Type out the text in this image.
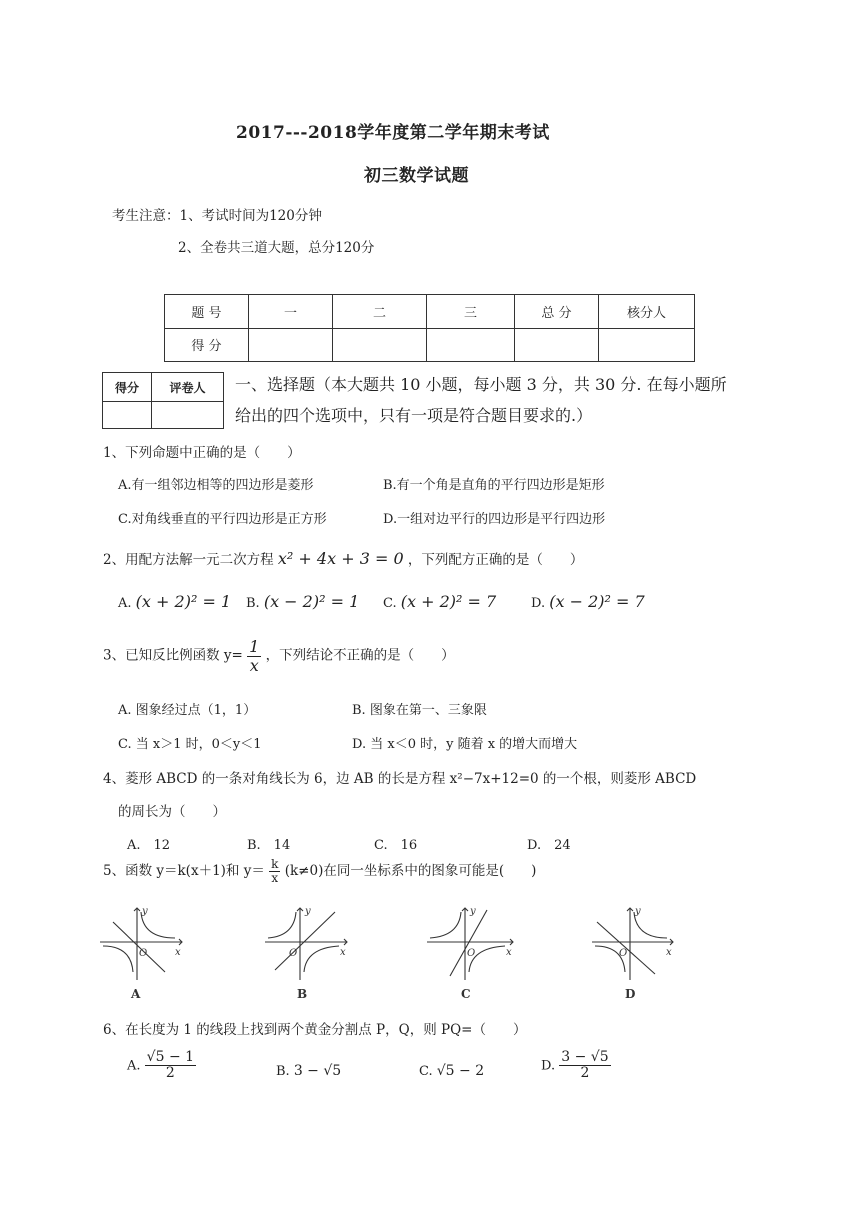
2017---2018学年度第二学年期末考试
初三数学试题
考生注意：1、考试时间为120分钟
2、全卷共三道大题，总分120分
题 号	一	二	三	总 分	核分人
得 分					
得分	评卷人
	一、选择题（本大题共 10 小题，每小题 3 分，共 30 分. 在每小题所
给出的四个选项中，只有一项是符合题目要求的.）
1、下列命题中正确的是（　　）
A.有一组邻边相等的四边形是菱形	B.有一个角是直角的平行四边形是矩形
C.对角线垂直的平行四边形是正方形	D.一组对边平行的四边形是平行四边形
2、用配方法解一元二次方程 x² + 4x + 3 = 0 ，下列配方正确的是（　　）
A. (x + 2)² = 1 B. (x − 2)² = 1 C. (x + 2)² = 7	D. (x − 2)² = 7
3、已知反比例函数 $y= \frac{1}{x}$ ，下列结论不正确的是（　　）
A. 图象经过点（1，1）	B. 图象在第一、三象限
C. 当 x＞1 时，0＜y＜1	D. 当 x＜0 时，y 随着 x 的增大而增大
4、菱形 ABCD 的一条对角线长为 6，边 AB 的长是方程 x²−7x+12=0 的一个根，则菱形 ABCD
的周长为（　　）
A.　12	B.　14	C.　16	D.　24
5、函数 y＝k(x＋1)和 $y= \frac{k}{x} (k\ne 0)$在同一坐标系中的图象可能是(　　)
y
x
O
y
x
O
y
x
O
y
x
O
A	B	C	D
6、在长度为 1 的线段上找到两个黄金分割点 P，Q，则 PQ=（　　）
A. $\frac{√5 - 1}{2}$	B. 3 − √5	C. √5 − 2	D. $\frac{3 - √5}{2}$
